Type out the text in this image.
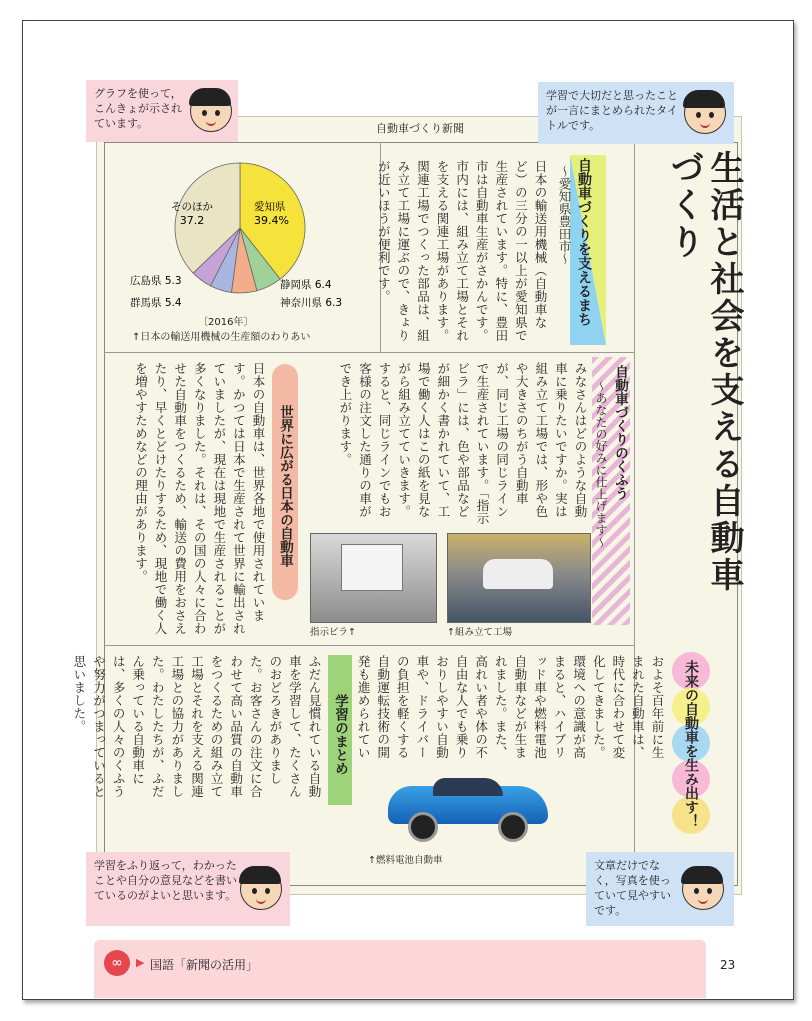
自動車づくり新聞
生活と社会を支える自動車づくり
自動車づくりを支えるまち
～愛知県豊田市～
日本の輸送用機械（自動車など）の三分の一以上が愛知県で生産されています。特に、豊田市は自動車生産がさかんです。市内には、組み立て工場とそれを支える関連工場があります。関連工場でつくった部品は、組み立て工場に運ぶので、きょりが近いほうが便利です。
愛知県 39.4%
静岡県 6.4
神奈川県 6.3
群馬県 5.4
広島県 5.3
そのほか 37.2
〔2016年〕
↑日本の輸送用機械の生産額のわりあい
自動車づくりのくふう
～あなたの好みに仕上げます～
みなさんはどのような自動車に乗りたいですか。実は組み立て工場では、形や色や大きさのちがう自動車が、同じ工場の同じラインで生産されています。「指示ビラ」には、色や部品などが細かく書かれていて、工場で働く人はこの紙を見ながら組み立てていきます。すると、同じラインでもお客様の注文した通りの車ができ上がります。
指示ビラ↑	↑組み立て工場
世界に広がる日本の自動車
日本の自動車は、世界各地で使用されています。かつては日本で生産されて世界に輸出されていましたが、現在は現地で生産されることが多くなりました。それは、その国の人々に合わせた自動車をつくるため、輸送の費用をおさえたり、早くとどけたりするため、現地で働く人を増やすためなどの理由があります。
未来の自動車を生み出す！
およそ百年前に生まれた自動車は、時代に合わせて変化してきました。環境への意識が高まると、ハイブリッド車や燃料電池自動車などが生まれました。また、高れい者や体の不自由な人でも乗りおりしやすい自動車や、ドライバーの負担を軽くする自動運転技術の開発も進められてい
↑燃料電池自動車
学習のまとめ
ふだん見慣れている自動車を学習して、たくさんのおどろきがありました。お客さんの注文に合わせて高い品質の自動車をつくるための組み立て工場とそれを支える関連工場との協力がありました。わたしたちが、ふだん乗っている自動車には、多くの人々のくふうや努力がつまっていると思いました。
グラフを使って，こんきょが示されています。
学習で大切だと思ったことが一言にまとめられたタイトルです。
学習をふり返って，わかったことや自分の意見などを書いているのがよいと思います。
文章だけでなく，写真を使っていて見やすいです。
∞	▶ 国語「新聞の活用」	23
